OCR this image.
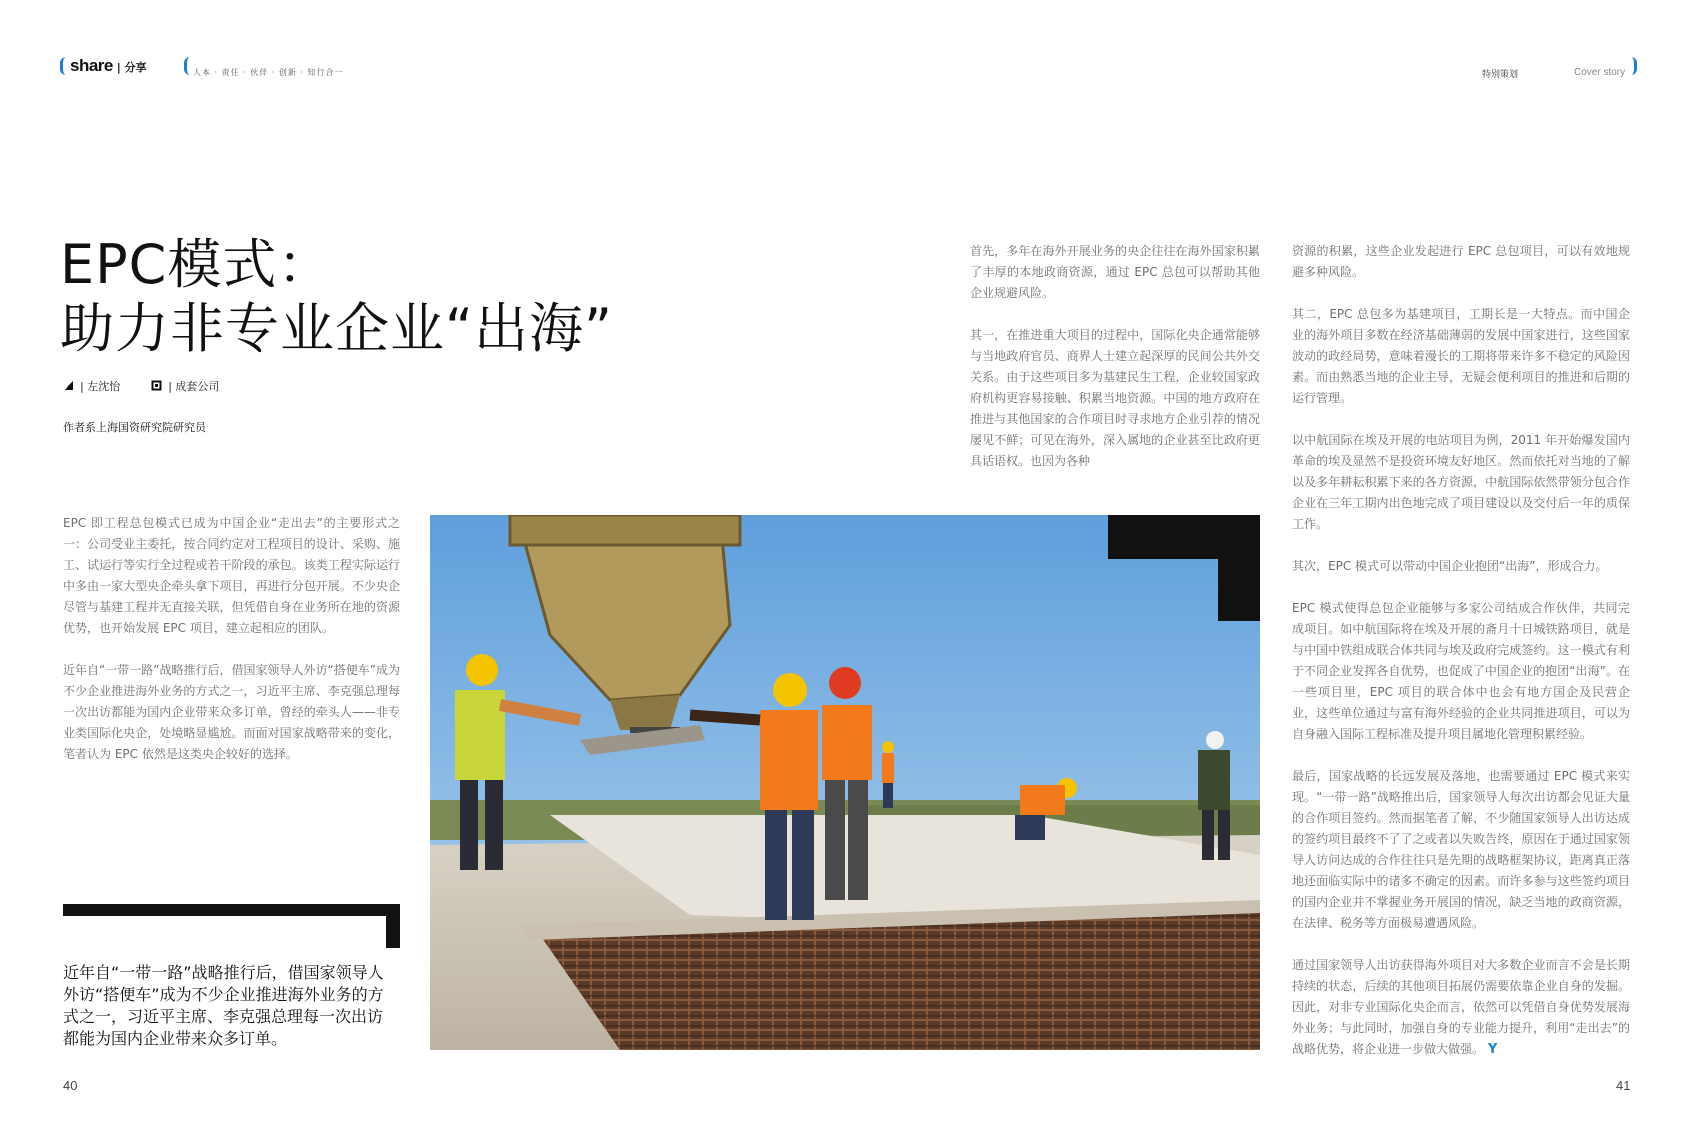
share | 分享	人本 · 责任 · 伙伴 · 创新 · 知行合一	特别策划	Cover story
EPC模式：
助力非专业企业“出海”
| 左沈怡	| 成套公司
作者系上海国资研究院研究员

EPC 即工程总包模式已成为中国企业“走出去”的主要形式之一：公司受业主委托，按合同约定对工程项目的设计、采购、施工、试运行等实行全过程或若干阶段的承包。该类工程实际运行中多由一家大型央企牵头拿下项目，再进行分包开展。不少央企尽管与基建工程并无直接关联，但凭借自身在业务所在地的资源优势，也开始发展 EPC 项目，建立起相应的团队。

近年自“一带一路”战略推行后，借国家领导人外访“搭便车”成为不少企业推进海外业务的方式之一，习近平主席、李克强总理每一次出访都能为国内企业带来众多订单，曾经的牵头人——非专业类国际化央企，处境略显尴尬。而面对国家战略带来的变化，笔者认为 EPC 依然是这类央企较好的选择。

近年自“一带一路”战略推行后，借国家领导人外访“搭便车”成为不少企业推进海外业务的方式之一，习近平主席、李克强总理每一次出访都能为国内企业带来众多订单。

首先，多年在海外开展业务的央企往往在海外国家积累了丰厚的本地政商资源，通过 EPC 总包可以帮助其他企业规避风险。

其一，在推进重大项目的过程中，国际化央企通常能够与当地政府官员、商界人士建立起深厚的民间公共外交关系。由于这些项目多为基建民生工程，企业较国家政府机构更容易接触、积累当地资源。中国的地方政府在推进与其他国家的合作项目时寻求地方企业引荐的情况屡见不鲜；可见在海外，深入属地的企业甚至比政府更具话语权。也因为各种

资源的积累，这些企业发起进行 EPC 总包项目，可以有效地规避多种风险。

其二，EPC 总包多为基建项目，工期长是一大特点。而中国企业的海外项目多数在经济基础薄弱的发展中国家进行，这些国家波动的政经局势，意味着漫长的工期将带来许多不稳定的风险因素。而由熟悉当地的企业主导，无疑会便利项目的推进和后期的运行管理。

以中航国际在埃及开展的电站项目为例，2011 年开始爆发国内革命的埃及显然不是投资环境友好地区。然而依托对当地的了解以及多年耕耘积累下来的各方资源，中航国际依然带领分包合作企业在三年工期内出色地完成了项目建设以及交付后一年的质保工作。

其次，EPC 模式可以带动中国企业抱团“出海”，形成合力。

EPC 模式使得总包企业能够与多家公司结成合作伙伴，共同完成项目。如中航国际将在埃及开展的斋月十日城铁路项目，就是与中国中铁组成联合体共同与埃及政府完成签约。这一模式有利于不同企业发挥各自优势，也促成了中国企业的抱团“出海”。在一些项目里，EPC 项目的联合体中也会有地方国企及民营企业，这些单位通过与富有海外经验的企业共同推进项目，可以为自身融入国际工程标准及提升项目属地化管理积累经验。

最后，国家战略的长远发展及落地，也需要通过 EPC 模式来实现。“一带一路”战略推出后，国家领导人每次出访都会见证大量的合作项目签约。然而据笔者了解，不少随国家领导人出访达成的签约项目最终不了了之或者以失败告终，原因在于通过国家领导人访问达成的合作往往只是先期的战略框架协议，距离真正落地还面临实际中的诸多不确定的因素。而许多参与这些签约项目的国内企业并不掌握业务开展国的情况，缺乏当地的政商资源，在法律、税务等方面极易遭遇风险。

通过国家领导人出访获得海外项目对大多数企业而言不会是长期持续的状态，后续的其他项目拓展仍需要依靠企业自身的发掘。因此，对非专业国际化央企而言，依然可以凭借自身优势发展海外业务；与此同时，加强自身的专业能力提升，利用“走出去”的战略优势，将企业进一步做大做强。 Y

40	41
